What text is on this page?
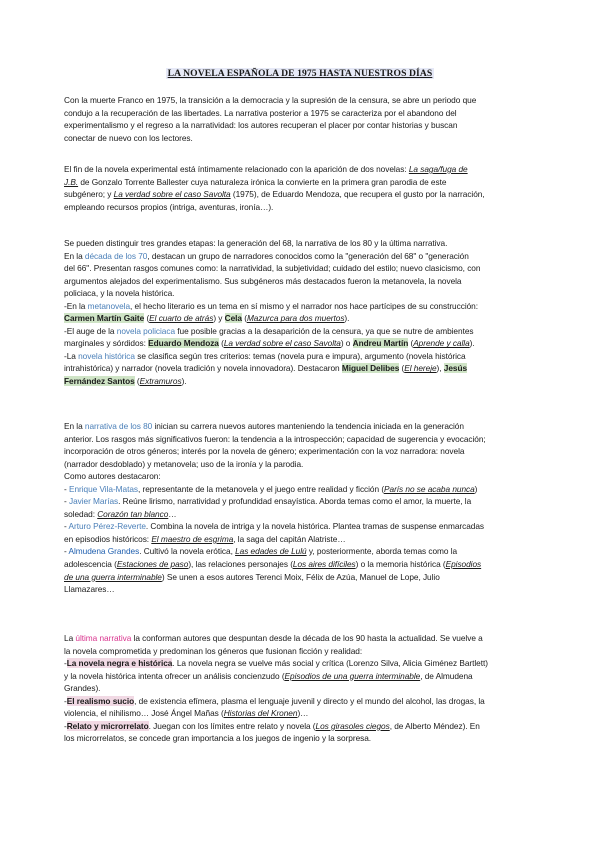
LA NOVELA ESPAÑOLA DE 1975 HASTA NUESTROS DÍAS
Con la muerte Franco en 1975, la transición a la democracia y la supresión de la censura, se abre un periodo que
condujo a la recuperación de las libertades. La narrativa posterior a 1975 se caracteriza por el abandono del
experimentalismo y el regreso a la narratividad: los autores recuperan el placer por contar historias y buscan
conectar de nuevo con los lectores.
El fin de la novela experimental está íntimamente relacionado con la aparición de dos novelas: La saga/fuga de
J.B. de Gonzalo Torrente Ballester cuya naturaleza irónica la convierte en la primera gran parodia de este
subgénero; y La verdad sobre el caso Savolta (1975), de Eduardo Mendoza, que recupera el gusto por la narración,
empleando recursos propios (intriga, aventuras, ironía…).
Se pueden distinguir tres grandes etapas: la generación del 68, la narrativa de los 80 y la última narrativa.
En la década de los 70, destacan un grupo de narradores conocidos como la "generación del 68" o "generación
del 66". Presentan rasgos comunes como: la narratividad, la subjetividad; cuidado del estilo; nuevo clasicismo, con
argumentos alejados del experimentalismo. Sus subgéneros más destacados fueron la metanovela, la novela
policiaca, y la novela histórica.
-En la metanovela, el hecho literario es un tema en sí mismo y el narrador nos hace partícipes de su construcción:
Carmen Martín Gaite (El cuarto de atrás) y Cela (Mazurca para dos muertos).
-El auge de la novela policiaca fue posible gracias a la desaparición de la censura, ya que se nutre de ambientes
marginales y sórdidos: Eduardo Mendoza (La verdad sobre el caso Savolta) o Andreu Martín (Aprende y calla).
-La novela histórica se clasifica según tres criterios: temas (novela pura e impura), argumento (novela histórica
intrahistórica) y narrador (novela tradición y novela innovadora). Destacaron Miguel Delibes (El hereje), Jesús
Fernández Santos (Extramuros).
En la narrativa de los 80 inician su carrera nuevos autores manteniendo la tendencia iniciada en la generación
anterior. Los rasgos más significativos fueron: la tendencia a la introspección; capacidad de sugerencia y evocación;
incorporación de otros géneros; interés por la novela de género; experimentación con la voz narradora: novela
(narrador desdoblado) y metanovela; uso de la ironía y la parodia.
Como autores destacaron:
- Enrique Vila-Matas, representante de la metanovela y el juego entre realidad y ficción (París no se acaba nunca)
- Javier Marías. Reúne lirismo, narratividad y profundidad ensayística. Aborda temas como el amor, la muerte, la
soledad: Corazón tan blanco…
- Arturo Pérez-Reverte. Combina la novela de intriga y la novela histórica. Plantea tramas de suspense enmarcadas
en episodios históricos: El maestro de esgrima, la saga del capitán Alatriste…
- Almudena Grandes. Cultivó la novela erótica, Las edades de Lulú y, posteriormente, aborda temas como la
adolescencia (Estaciones de paso), las relaciones personajes (Los aires difíciles) o la memoria histórica (Episodios
de una guerra interminable) Se unen a esos autores Terenci Moix, Félix de Azúa, Manuel de Lope, Julio
Llamazares…
La última narrativa la conforman autores que despuntan desde la década de los 90 hasta la actualidad. Se vuelve a
la novela comprometida y predominan los géneros que fusionan ficción y realidad:
-La novela negra e histórica. La novela negra se vuelve más social y crítica (Lorenzo Silva, Alicia Giménez Bartlett)
y la novela histórica intenta ofrecer un análisis concienzudo (Episodios de una guerra interminable, de Almudena
Grandes).
-El realismo sucio, de existencia efímera, plasma el lenguaje juvenil y directo y el mundo del alcohol, las drogas, la
violencia, el nihilismo… José Ángel Mañas (Historias del Kronen)…
-Relato y microrrelato. Juegan con los límites entre relato y novela (Los girasoles ciegos, de Alberto Méndez). En
los microrrelatos, se concede gran importancia a los juegos de ingenio y la sorpresa.
